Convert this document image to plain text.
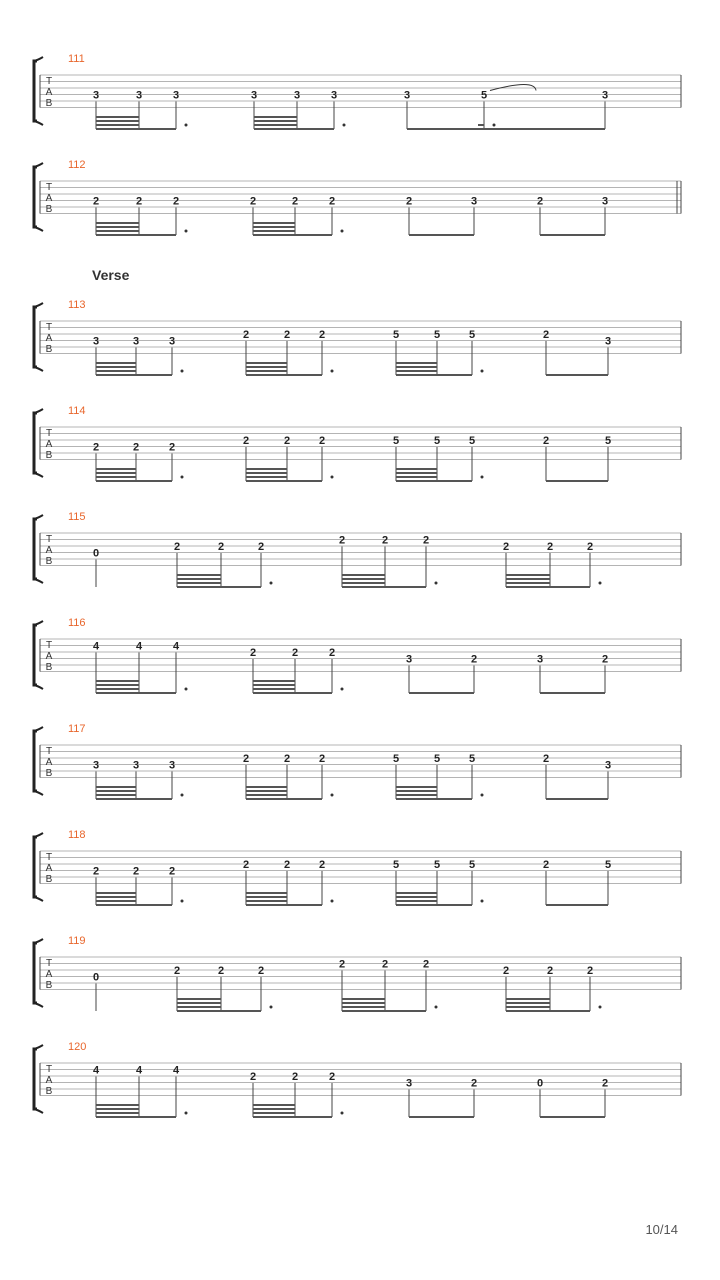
Verse
T
A
B
111
3	3	3	3	3	3	3	5	3
T
A
B
112
2	2	2	2	2	2	2	3	2	3
T
A
B
113
3	3	3
2	2	2	5	5	5	2
3
T
A
B
114
2	2	2
2	2	2	5	5	5	2	5
T
A
B
115
0
2	2	2
2	2	2
2	2	2
T
A
B
116
4	4	4
2	2	2
3	2	3	2
T
A
B
117
3	3	3
2	2	2	5	5	5	2
3
T
A
B
118
2	2	2
2	2	2	5	5	5	2	5
T
A
B
119
0
2	2	2
2	2	2
2	2	2
T
A
B
120
4	4	4
2	2	2
3	2	0	2
10/14
